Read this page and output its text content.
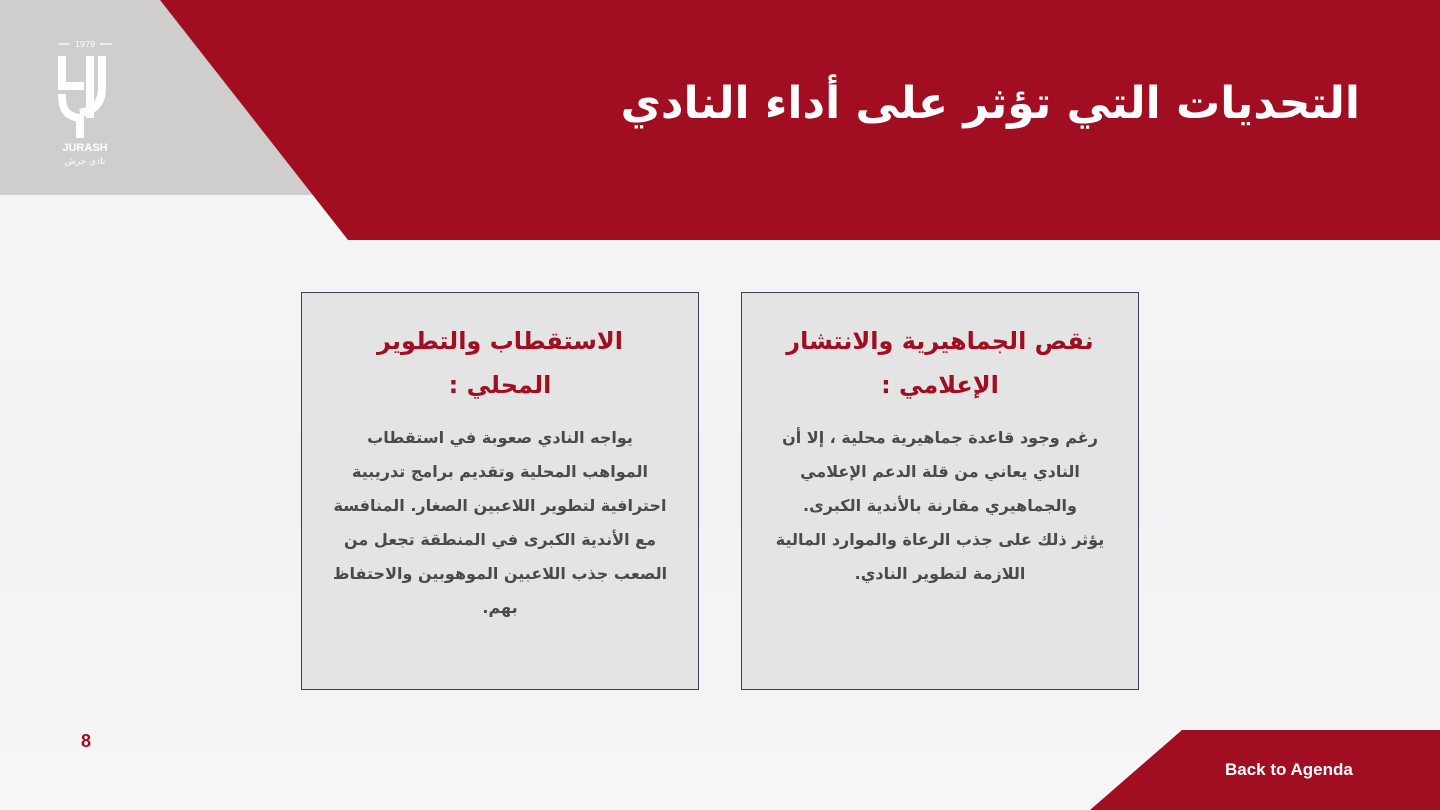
1979
JURASH
نادي جرش
التحديات التي تؤثر على أداء النادي
نقص الجماهيرية والانتشار الإعلامي :

رغم وجود قاعدة جماهيرية محلية ، إلا أن النادي يعاني من قلة الدعم الإعلامي والجماهيري مقارنة بالأندية الكبرى.

يؤثر ذلك على جذب الرعاة والموارد المالية اللازمة لتطوير النادي.

الاستقطاب والتطوير المحلي :

يواجه النادي صعوبة في استقطاب المواهب المحلية وتقديم برامج تدريبية احترافية لتطوير اللاعبين الصغار. المنافسة مع الأندية الكبرى في المنطقة تجعل من الصعب جذب اللاعبين الموهوبين والاحتفاظ بهم.

8
Back to Agenda
